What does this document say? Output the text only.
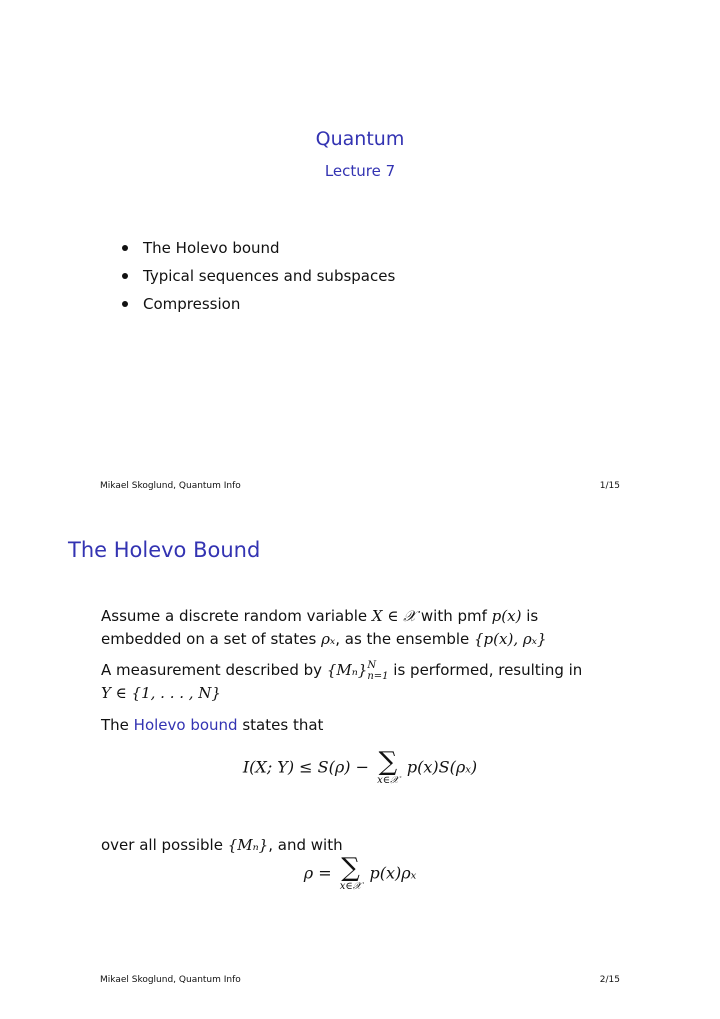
Quantum
Lecture 7
The Holevo bound
Typical sequences and subspaces
Compression
Mikael Skoglund, Quantum Info	1/15
The Holevo Bound
Assume a discrete random variable X ∈ 𝒳 with pmf p(x) is
embedded on a set of states ρₓ, as the ensemble {p(x), ρₓ}
A measurement described by {Mₙ} N
n=1 is performed, resulting in
Y ∈ {1, . . . , N}
The Holevo bound states that
I(X; Y) ≤ S(ρ) − ∑
x∈𝒳
p(x)S(ρₓ)
over all possible {Mₙ}, and with
ρ = ∑
x∈𝒳
p(x)ρₓ
Mikael Skoglund, Quantum Info	2/15
